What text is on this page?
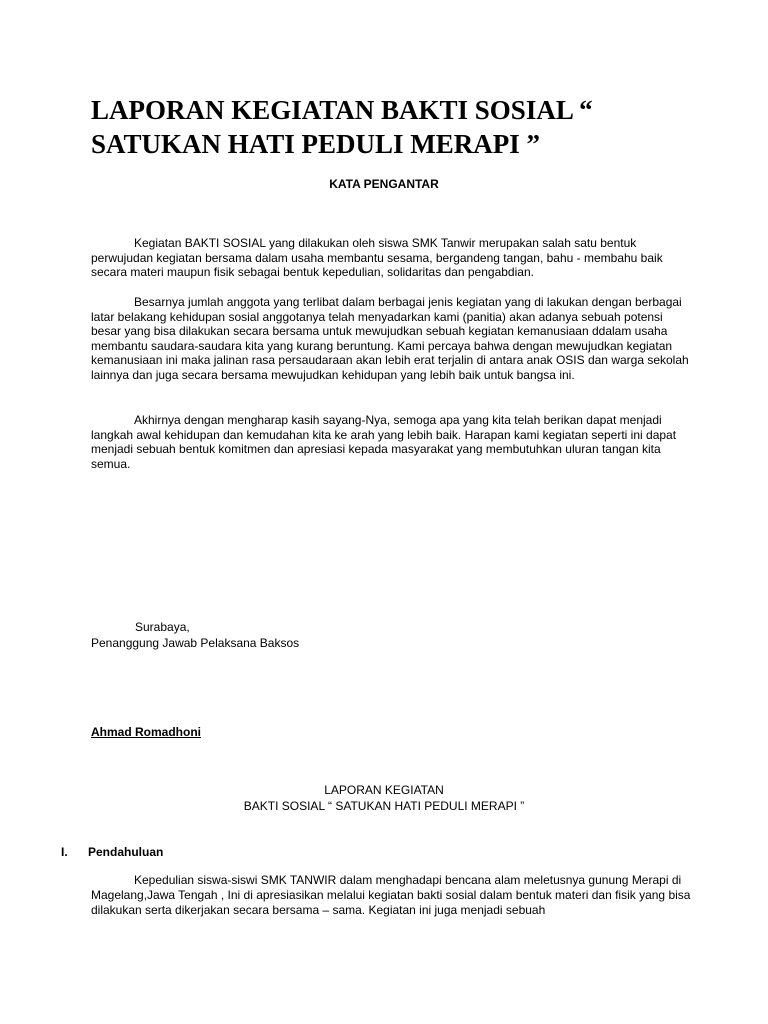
LAPORAN KEGIATAN BAKTI SOSIAL “
SATUKAN HATI PEDULI MERAPI ”

KATA PENGANTAR

Kegiatan BAKTI SOSIAL yang dilakukan oleh siswa SMK Tanwir merupakan salah satu bentuk perwujudan kegiatan bersama dalam usaha membantu sesama, bergandeng tangan, bahu - membahu baik secara materi maupun fisik sebagai bentuk kepedulian, solidaritas dan pengabdian.

Besarnya jumlah anggota yang terlibat dalam berbagai jenis kegiatan yang di lakukan dengan berbagai latar belakang kehidupan sosial anggotanya telah menyadarkan kami (panitia) akan adanya sebuah potensi besar yang bisa dilakukan secara bersama untuk mewujudkan sebuah kegiatan kemanusiaan ddalam usaha membantu saudara-saudara kita yang kurang beruntung. Kami percaya bahwa dengan mewujudkan kegiatan kemanusiaan ini maka jalinan rasa persaudaraan akan lebih erat terjalin di antara anak OSIS dan warga sekolah lainnya dan juga secara bersama mewujudkan kehidupan yang lebih baik untuk bangsa ini.

Akhirnya dengan mengharap kasih sayang-Nya, semoga apa yang kita telah berikan dapat menjadi langkah awal kehidupan dan kemudahan kita ke arah yang lebih baik. Harapan kami kegiatan seperti ini dapat menjadi sebuah bentuk komitmen dan apresiasi kepada masyarakat yang membutuhkan uluran tangan kita semua.

Surabaya,

Penanggung Jawab Pelaksana Baksos

Ahmad Romadhoni

LAPORAN KEGIATAN

BAKTI SOSIAL “ SATUKAN HATI PEDULI MERAPI ”

I. Pendahuluan

Kepedulian siswa-siswi SMK TANWIR dalam menghadapi bencana alam meletusnya gunung Merapi di Magelang,Jawa Tengah , Ini di apresiasikan melalui kegiatan bakti sosial dalam bentuk materi dan fisik yang bisa dilakukan serta dikerjakan secara bersama – sama. Kegiatan ini juga menjadi sebuah
